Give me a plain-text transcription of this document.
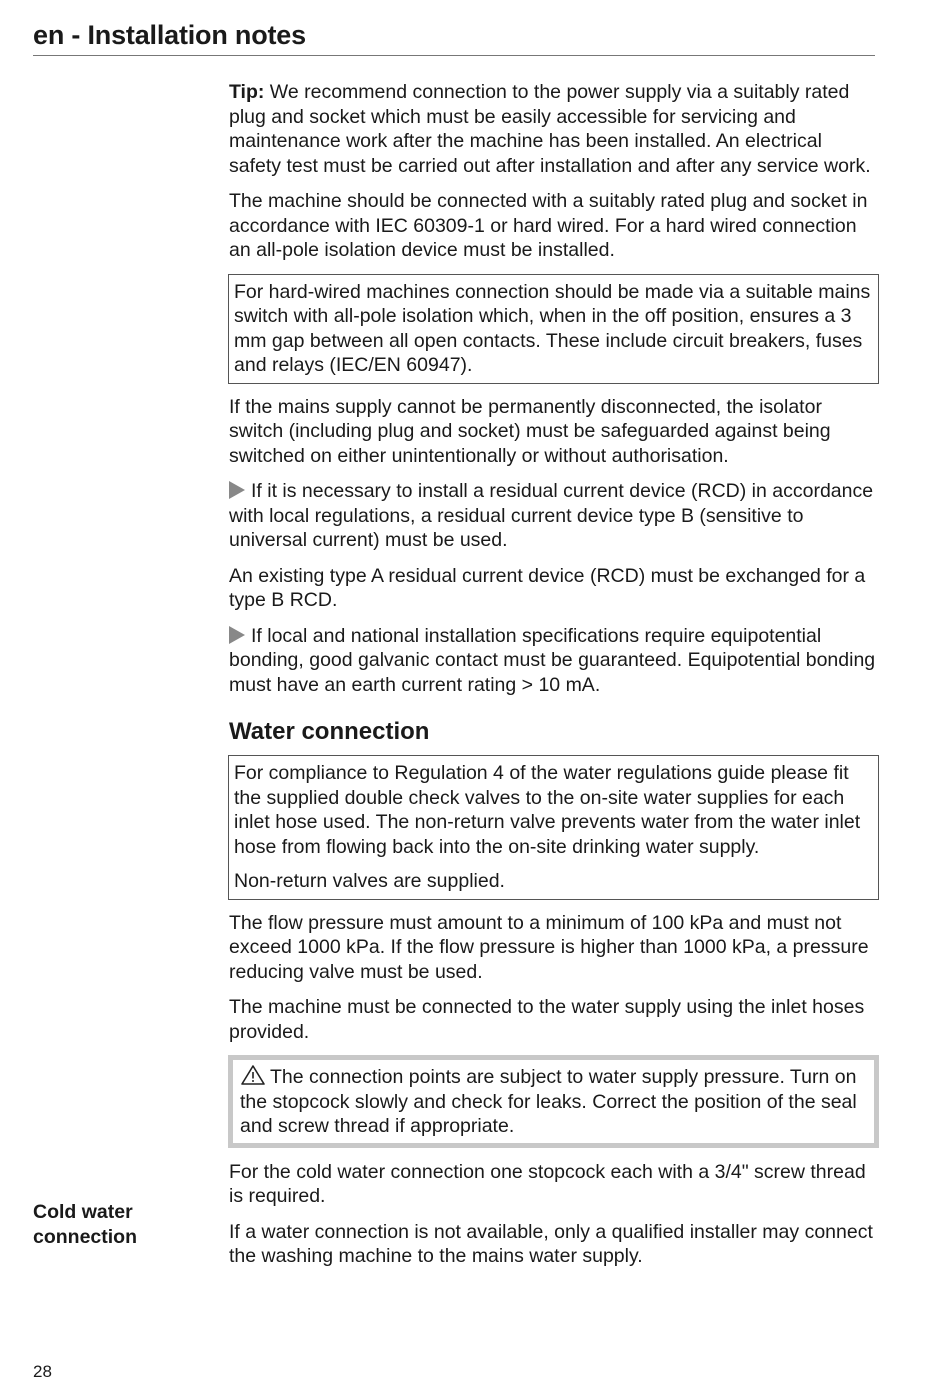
en - Installation notes

Tip: We recommend connection to the power supply via a suitably rated plug and socket which must be easily accessible for servicing and maintenance work after the machine has been installed. An electrical safety test must be carried out after installation and after any service work.

The machine should be connected with a suitably rated plug and socket in accordance with IEC 60309-1 or hard wired. For a hard wired connection an all-pole isolation device must be installed.

For hard-wired machines connection should be made via a suitable mains switch with all-pole isolation which, when in the off position, ensures a 3 mm gap between all open contacts. These include circuit breakers, fuses and relays (IEC/EN 60947).

If the mains supply cannot be permanently disconnected, the isolator switch (including plug and socket) must be safeguarded against being switched on either unintentionally or without authorisation.

If it is necessary to install a residual current device (RCD) in accordance with local regulations, a residual current device type B (sensitive to universal current) must be used.

An existing type A residual current device (RCD) must be exchanged for a type B RCD.

If local and national installation specifications require equipotential bonding, good galvanic contact must be guaranteed. Equipotential bonding must have an earth current rating > 10 mA.

Water connection

For compliance to Regulation 4 of the water regulations guide please fit the supplied double check valves to the on-site water supplies for each inlet hose used. The non-return valve prevents water from the water inlet hose from flowing back into the on-site drinking water supply.

Non-return valves are supplied.

The flow pressure must amount to a minimum of 100 kPa and must not exceed 1000 kPa. If the flow pressure is higher than 1000 kPa, a pressure reducing valve must be used.

The machine must be connected to the water supply using the inlet hoses provided.

The connection points are subject to water supply pressure. Turn on the stopcock slowly and check for leaks. Correct the position of the seal and screw thread if appropriate.

For the cold water connection one stopcock each with a 3/4" screw thread is required.

If a water connection is not available, only a qualified installer may connect the washing machine to the mains water supply.

Cold water connection
28
